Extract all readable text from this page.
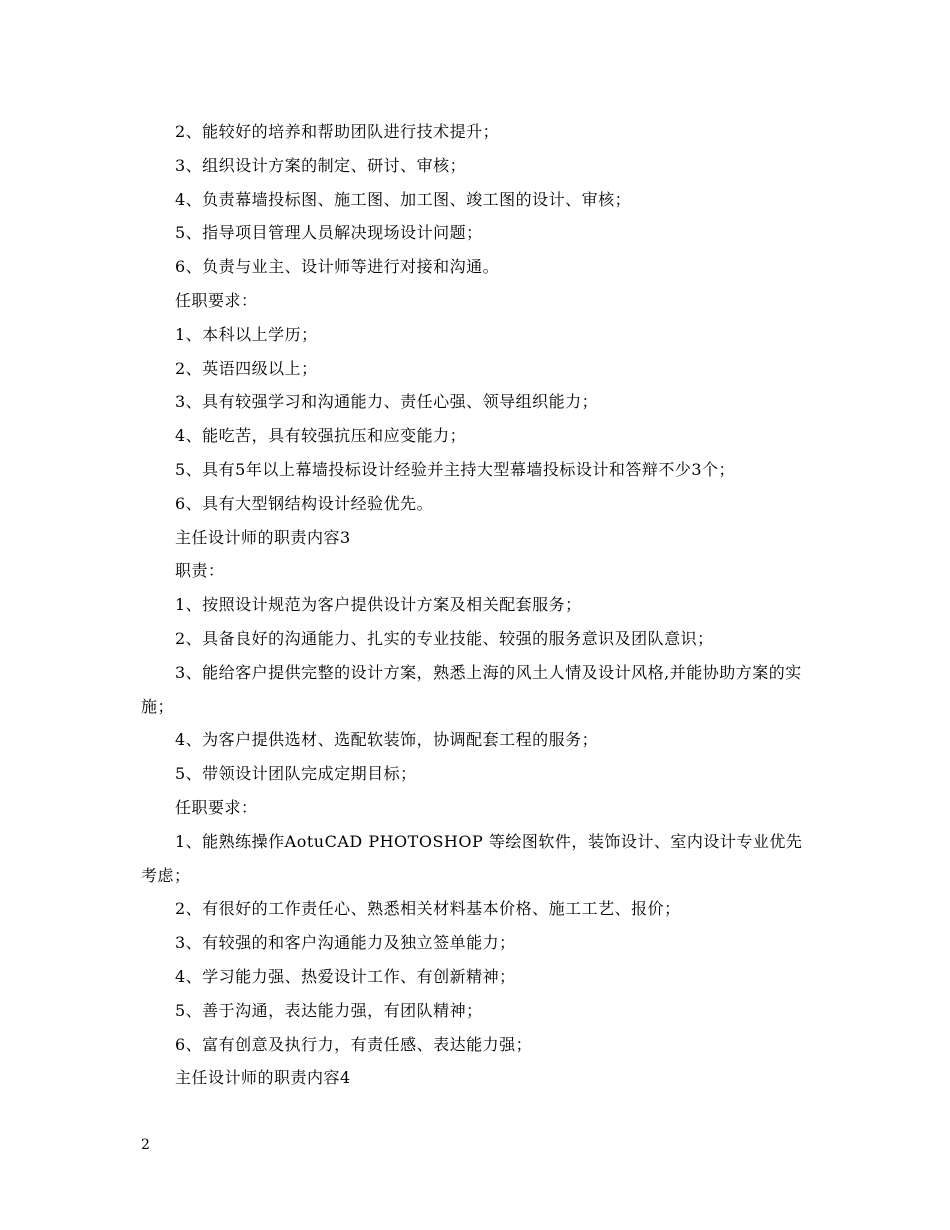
2、能较好的培养和帮助团队进行技术提升；

3、组织设计方案的制定、研讨、审核；

4、负责幕墙投标图、施工图、加工图、竣工图的设计、审核；

5、指导项目管理人员解决现场设计问题；

6、负责与业主、设计师等进行对接和沟通。

任职要求：

1、本科以上学历；

2、英语四级以上；

3、具有较强学习和沟通能力、责任心强、领导组织能力；

4、能吃苦，具有较强抗压和应变能力；

5、具有5年以上幕墙投标设计经验并主持大型幕墙投标设计和答辩不少3个；

6、具有大型钢结构设计经验优先。

主任设计师的职责内容3

职责：

1、按照设计规范为客户提供设计方案及相关配套服务；

2、具备良好的沟通能力、扎实的专业技能、较强的服务意识及团队意识；

3、能给客户提供完整的设计方案，熟悉上海的风土人情及设计风格,并能协助方案的实施；

4、为客户提供选材、选配软装饰，协调配套工程的服务；

5、带领设计团队完成定期目标；

任职要求：

1、能熟练操作AotuCAD PHOTOSHOP 等绘图软件，装饰设计、室内设计专业优先考虑；

2、有很好的工作责任心、熟悉相关材料基本价格、施工工艺、报价；

3、有较强的和客户沟通能力及独立签单能力；

4、学习能力强、热爱设计工作、有创新精神；

5、善于沟通，表达能力强，有团队精神；

6、富有创意及执行力，有责任感、表达能力强；

主任设计师的职责内容4

2
